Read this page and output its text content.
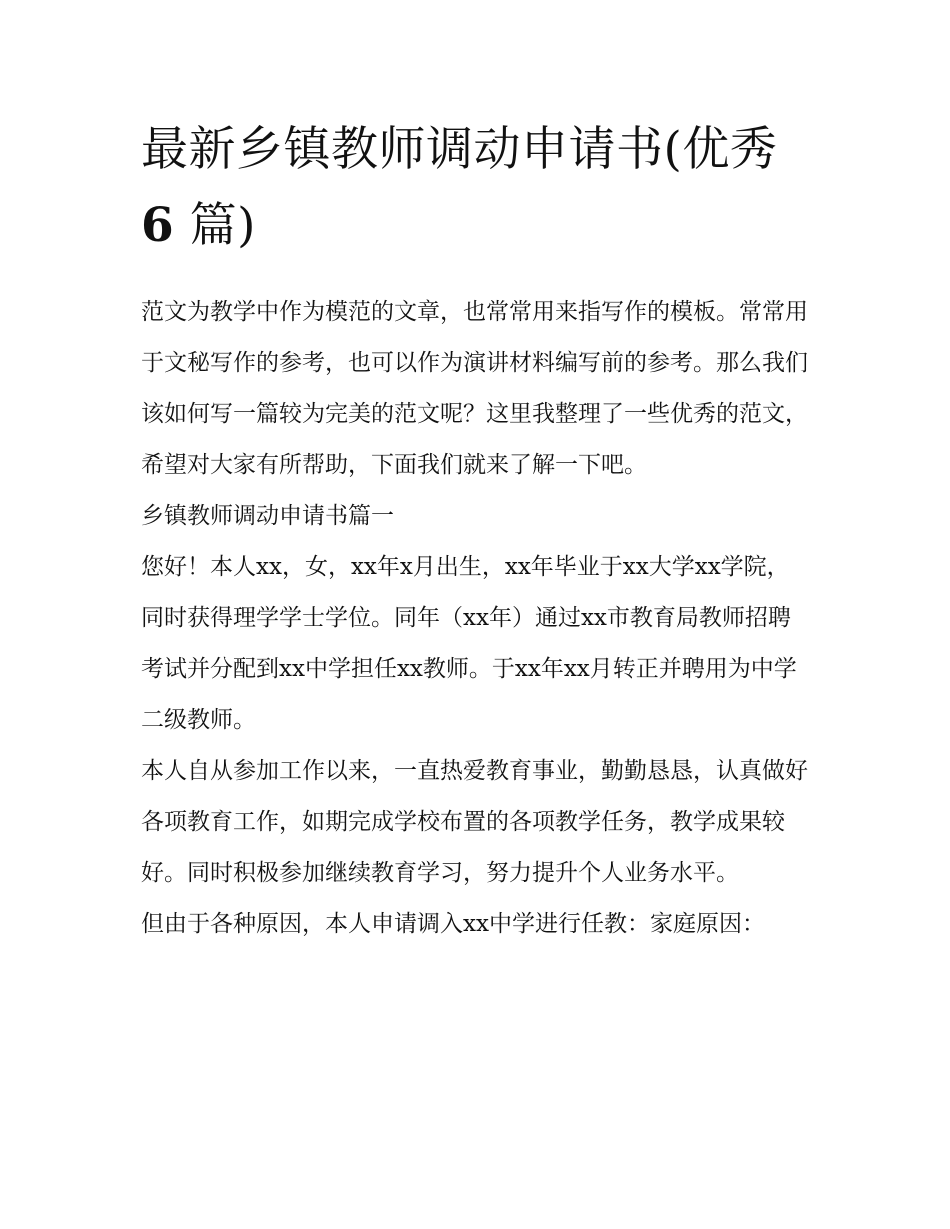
最新乡镇教师调动申请书(优秀
6 篇)

范文为教学中作为模范的文章，也常常用来指写作的模板。常常用于文秘写作的参考，也可以作为演讲材料编写前的参考。那么我们该如何写一篇较为完美的范文呢？这里我整理了一些优秀的范文，希望对大家有所帮助，下面我们就来了解一下吧。

乡镇教师调动申请书篇一

您好！本人xx，女，xx年x月出生，xx年毕业于xx大学xx学院，同时获得理学学士学位。同年（xx年）通过xx市教育局教师招聘考试并分配到xx中学担任xx教师。于xx年xx月转正并聘用为中学二级教师。

本人自从参加工作以来，一直热爱教育事业，勤勤恳恳，认真做好各项教育工作，如期完成学校布置的各项教学任务，教学成果较好。同时积极参加继续教育学习，努力提升个人业务水平。

但由于各种原因，本人申请调入xx中学进行任教：家庭原因：
